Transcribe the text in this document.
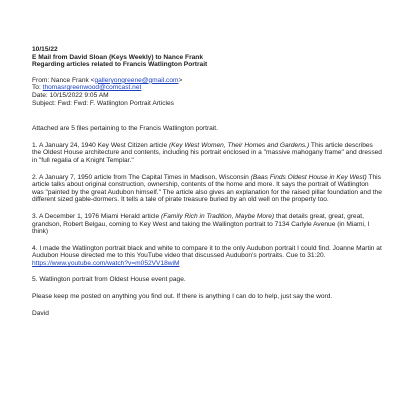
10/15/22
E Mail from David Sloan (Keys Weekly) to Nance Frank
Regarding articles related to Francis Watlington Portrait
From: Nance Frank <galleryongreene@gmail.com>
To: thomasrgreenwood@comcast.net
Date: 10/15/2022 9:05 AM
Subject: Fwd: Fwd: F. Watlington Portrait Articles

Attached are 5 files pertaining to the Francis Watlington portrait.

1. A January 24, 1940 Key West Citizen article (Key West Women, Their Homes and Gardens.) This article describes the Oldest House architecture and contents, including his portrait enclosed in a "massive mahogany frame" and dressed in "full regalia of a Knight Templar."

2. A January 7, 1950 article from The Capital Times in Madison, Wisconsin (Baas Finds Oldest House in Key West) This article talks about original construction, ownership, contents of the home and more. It says the portrait of Watlington was "painted by the great Audubon himself." The article also gives an explanation for the raised pillar foundation and the different sized gable-dormers. It tells a tale of pirate treasure buried by an old well on the property too.

3. A December 1, 1976 Miami Herald article (Family Rich in Tradition, Maybe More) that details great, great, great, grandson, Robert Belgau, coming to Key West and taking the Wallington portrait to 7134 Carlyle Avenue (in Miami, I think)

4. I made the Watlington portrait black and white to compare it to the only Audubon portrait I could find. Joanne Martin at Audubon House directed me to this YouTube video that discussed Audubon's portraits. Cue to 31:20. https://www.youtube.com/watch?v=m052VV18wiM

5. Watlington portrait from Oldest House event page.

Please keep me posted on anything you find out. If there is anything I can do to help, just say the word.

David
